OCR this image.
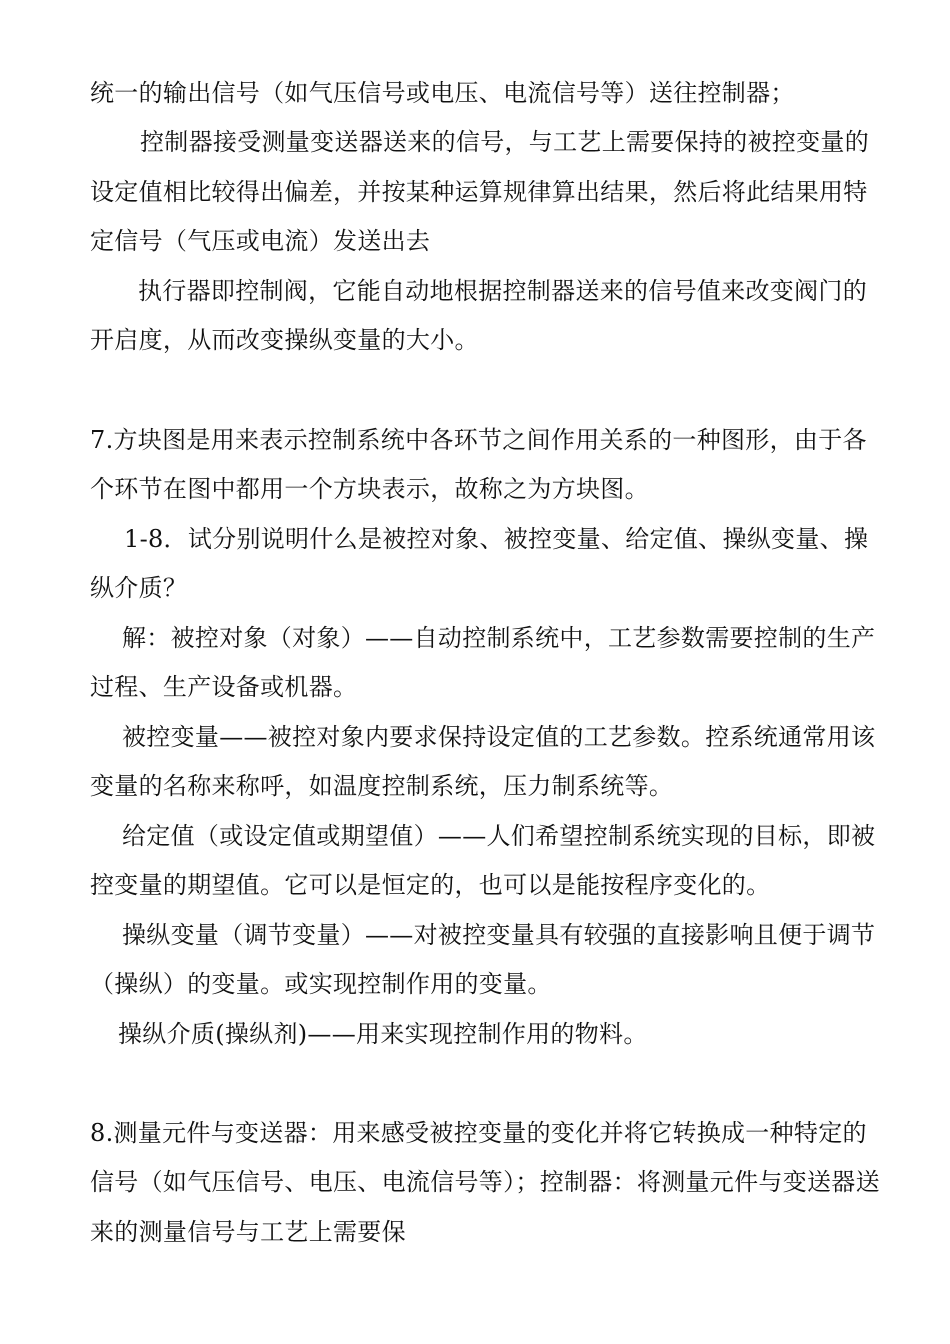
统一的输出信号（如气压信号或电压、电流信号等）送往控制器；
控制器接受测量变送器送来的信号，与工艺上需要保持的被控变量的
设定值相比较得出偏差，并按某种运算规律算出结果，然后将此结果用特
定信号（气压或电流）发送出去
执行器即控制阀，它能自动地根据控制器送来的信号值来改变阀门的
开启度，从而改变操纵变量的大小。
7.方块图是用来表示控制系统中各环节之间作用关系的一种图形，由于各
个环节在图中都用一个方块表示，故称之为方块图。
1-8．试分别说明什么是被控对象、被控变量、给定值、操纵变量、操
纵介质？
解：被控对象（对象）——自动控制系统中，工艺参数需要控制的生产
过程、生产设备或机器。
被控变量——被控对象内要求保持设定值的工艺参数。控系统通常用该
变量的名称来称呼，如温度控制系统，压力制系统等。
给定值（或设定值或期望值）——人们希望控制系统实现的目标，即被
控变量的期望值。它可以是恒定的，也可以是能按程序变化的。
操纵变量（调节变量）——对被控变量具有较强的直接影响且便于调节
（操纵）的变量。或实现控制作用的变量。
操纵介质(操纵剂)——用来实现控制作用的物料。
8.测量元件与变送器：用来感受被控变量的变化并将它转换成一种特定的
信号（如气压信号、电压、电流信号等）；控制器：将测量元件与变送器送
来的测量信号与工艺上需要保
